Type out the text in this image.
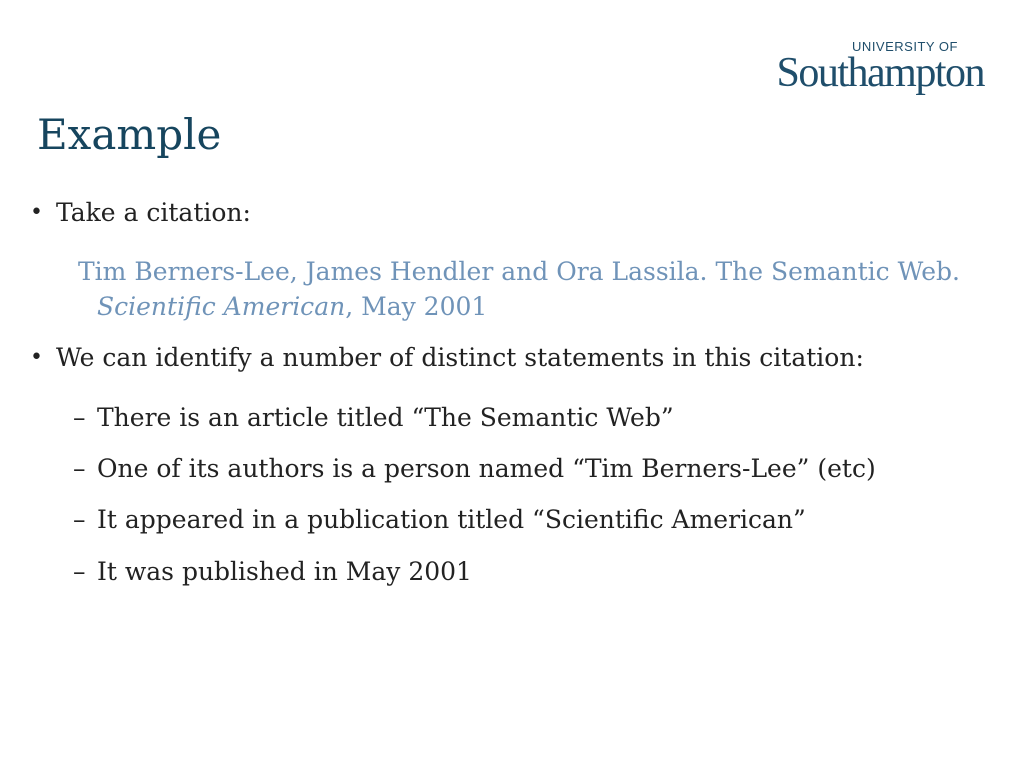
UNIVERSITY OF
Southampton
Example
• Take a citation:

Tim Berners-Lee, James Hendler and Ora Lassila. The Semantic Web.

Scientific American, May 2001

• We can identify a number of distinct statements in this citation:

– There is an article titled “The Semantic Web”

– One of its authors is a person named “Tim Berners-Lee” (etc)

– It appeared in a publication titled “Scientific American”

– It was published in May 2001
